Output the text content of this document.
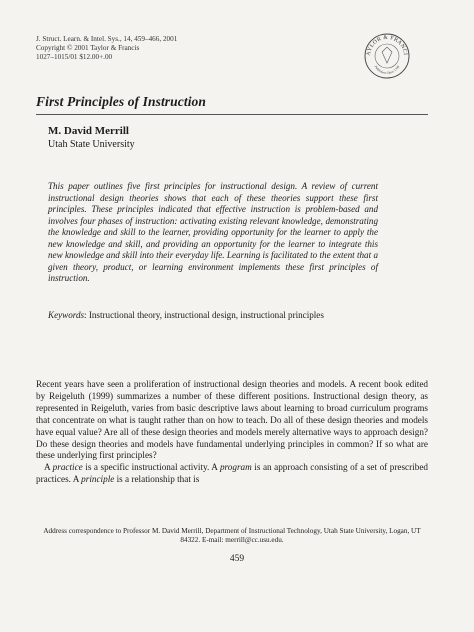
J. Struct. Learn. & Intel. Sys., 14, 459–466, 2001
Copyright © 2001 Taylor & Francis
1027–1015/01 $12.00+.00	AYLOR & FRANCI
Publishers Since 1798
First Principles of Instruction
M. David Merrill
Utah State University
This paper outlines five first principles for instructional design. A review of current instructional design theories shows that each of these theories support these first principles. These principles indicated that effective instruction is problem-based and involves four phases of instruction: activating existing relevant knowledge, demonstrating the knowledge and skill to the learner, providing opportunity for the learner to apply the new knowledge and skill, and providing an opportunity for the learner to integrate this new knowledge and skill into their everyday life. Learning is facilitated to the extent that a given theory, product, or learning environment implements these first principles of instruction.
Keywords: Instructional theory, instructional design, instructional principles

Recent years have seen a proliferation of instructional design theories and models. A recent book edited by Reigeluth (1999) summarizes a number of these different positions. Instructional design theory, as represented in Reigeluth, varies from basic descriptive laws about learning to broad curriculum programs that concentrate on what is taught rather than on how to teach. Do all of these design theories and models have equal value? Are all of these design theories and models merely alternative ways to approach design? Do these design theories and models have fundamental underlying principles in common? If so what are these underlying first principles?

A practice is a specific instructional activity. A program is an approach consisting of a set of prescribed practices. A principle is a relationship that is

Address correspondence to Professor M. David Merrill, Department of Instructional Technology, Utah State University, Logan, UT 84322. E-mail: merrill@cc.usu.edu.
459
